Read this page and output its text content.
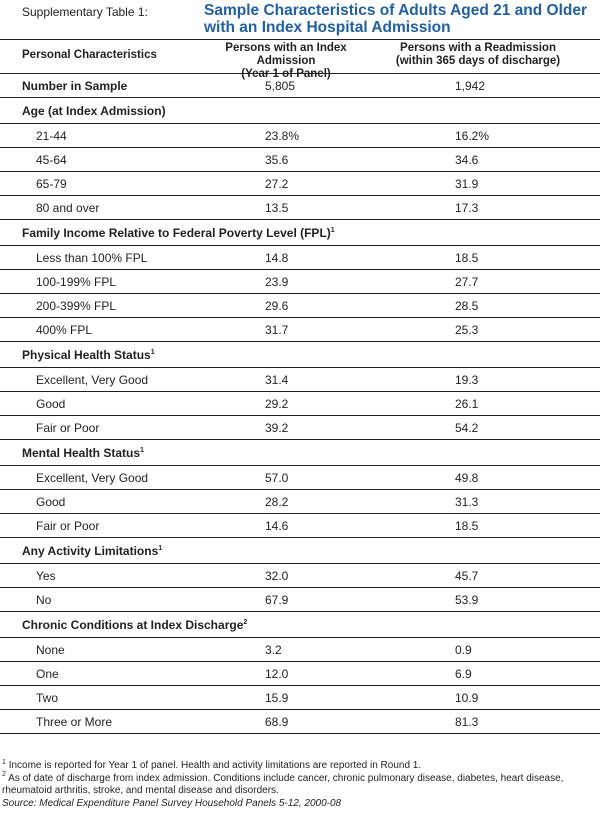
Supplementary Table 1:	Sample Characteristics of Adults Aged 21 and Older with an Index Hospital Admission
Personal Characteristics
Persons with an Index Admission
(Year 1 of Panel)
Persons with a Readmission
(within 365 days of discharge)
Number in Sample	5,805	1,942
Age (at Index Admission)
21-44	23.8%	16.2%
45-64	35.6	34.6
65-79	27.2	31.9
80 and over	13.5	17.3
Family Income Relative to Federal Poverty Level (FPL)$^1$
Less than 100% FPL	14.8	18.5
100-199% FPL	23.9	27.7
200-399% FPL	29.6	28.5
400% FPL	31.7	25.3
Physical Health Status$^1$
Excellent, Very Good	31.4	19.3
Good	29.2	26.1
Fair or Poor	39.2	54.2
Mental Health Status$^1$
Excellent, Very Good	57.0	49.8
Good	28.2	31.3
Fair or Poor	14.6	18.5
Any Activity Limitations$^1$
Yes	32.0	45.7
No	67.9	53.9
Chronic Conditions at Index Discharge$^2$
None	3.2	0.9
One	12.0	6.9
Two	15.9	10.9
Three or More	68.9	81.3
$^1$ Income is reported for Year 1 of panel. Health and activity limitations are reported in Round 1.
$^2$ As of date of discharge from index admission. Conditions include cancer, chronic pulmonary disease, diabetes, heart disease, rheumatoid arthritis, stroke, and mental disease and disorders.
Source: Medical Expenditure Panel Survey Household Panels 5-12, 2000-08
